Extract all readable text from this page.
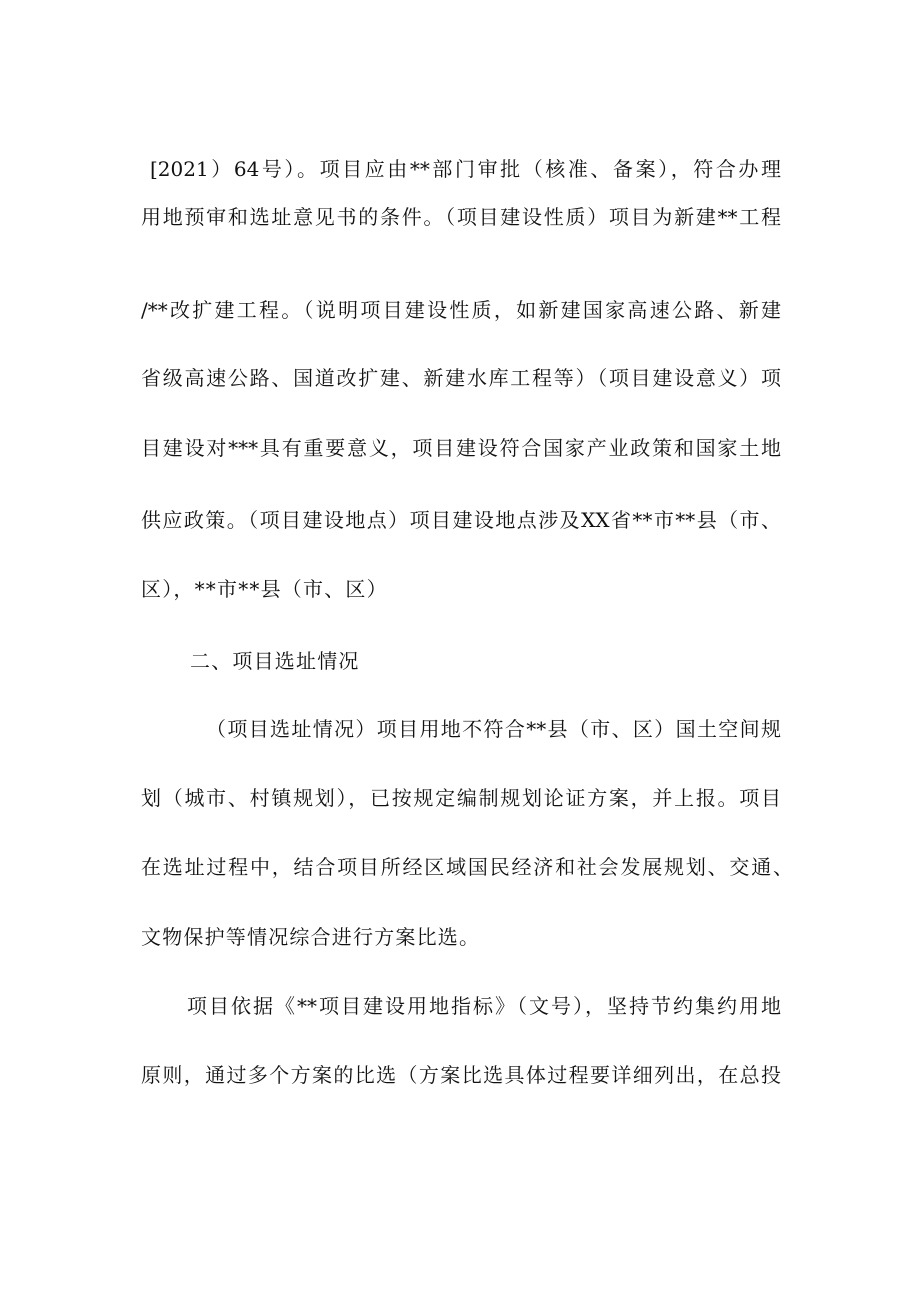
[2021）64号）。项目应由**部门审批（核准、备案），符合办理
用地预审和选址意见书的条件。（项目建设性质）项目为新建**工程
/**改扩建工程。（说明项目建设性质，如新建国家高速公路、新建
省级高速公路、国道改扩建、新建水库工程等）（项目建设意义）项
目建设对***具有重要意义，项目建设符合国家产业政策和国家土地
供应政策。（项目建设地点）项目建设地点涉及XX省**市**县（市、
区），**市**县（市、区）
二、项目选址情况
（项目选址情况）项目用地不符合**县（市、区）国土空间规
划（城市、村镇规划），已按规定编制规划论证方案，并上报。项目
在选址过程中，结合项目所经区域国民经济和社会发展规划、交通、
文物保护等情况综合进行方案比选。
项目依据《**项目建设用地指标》（文号），坚持节约集约用地
原则，通过多个方案的比选（方案比选具体过程要详细列出，在总投
